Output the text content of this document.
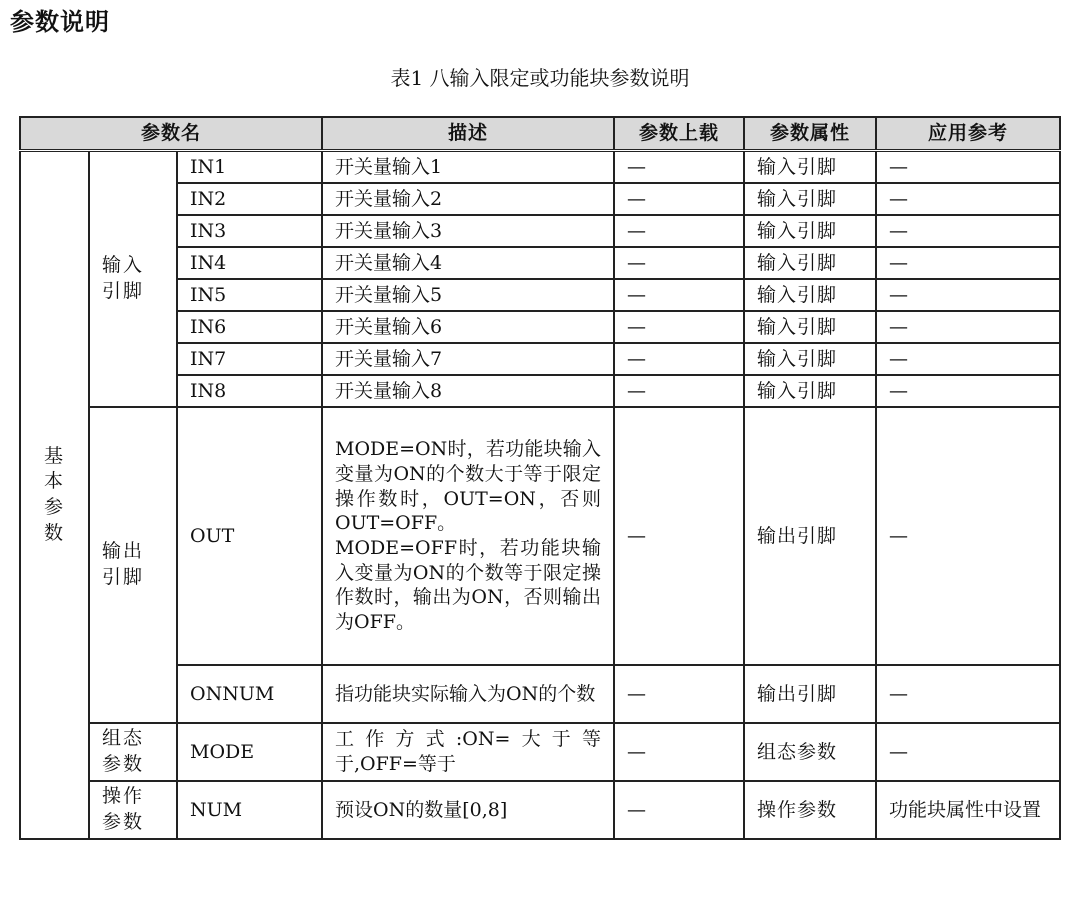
参数说明

表1 八输入限定或功能块参数说明

参数名			描述	参数上载	参数属性	应用参考
基本参数	输入引脚	IN1	开关量输入1	—	输入引脚	—
		IN2	开关量输入2	—	输入引脚	—
		IN3	开关量输入3	—	输入引脚	—
		IN4	开关量输入4	—	输入引脚	—
		IN5	开关量输入5	—	输入引脚	—
		IN6	开关量输入6	—	输入引脚	—
		IN7	开关量输入7	—	输入引脚	—
		IN8	开关量输入8	—	输入引脚	—
	输出引脚	OUT	MODE=ON时，若功能块输入变量为ON的个数大于等于限定操作数时，OUT=ON，否则OUT=OFF。
MODE=OFF时，若功能块输入变量为ON的个数等于限定操作数时，输出为ON，否则输出为OFF。	—	输出引脚	—
		ONNUM	指功能块实际输入为ON的个数	—	输出引脚	—
	组态参数	MODE	工作方式:ON=大于等于,OFF=等于	—	组态参数	—
	操作参数	NUM	预设ON的数量[0,8]	—	操作参数	功能块属性中设置
